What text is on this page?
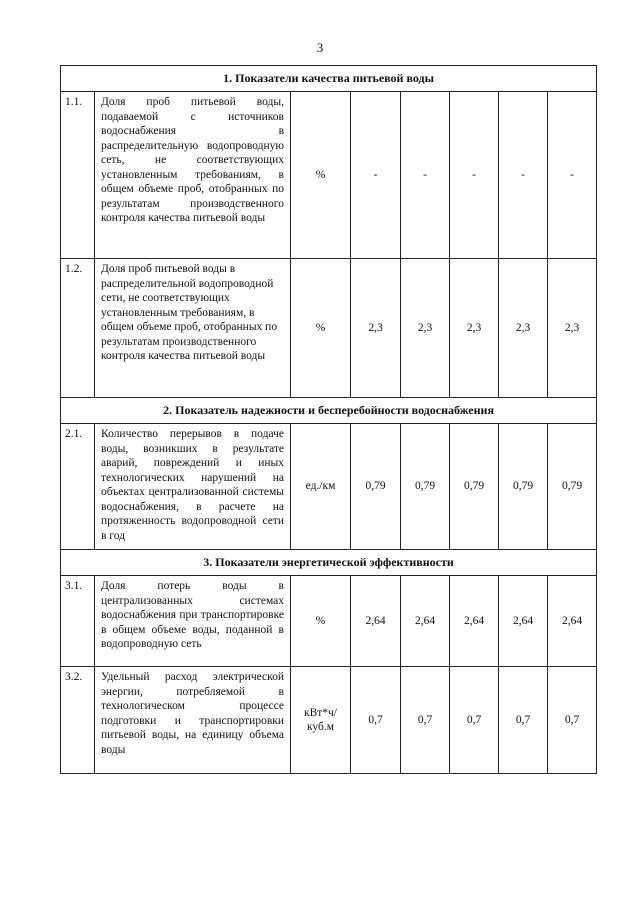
3
1. Показатели качества питьевой воды							
1.1.	Доля проб питьевой воды, подаваемой с источников водоснабжения в распределительную водопроводную сеть, не соответствующих установленным требованиям, в общем объеме проб, отобранных по результатам производственного контроля качества питьевой воды	%	-	-	-	-	-
1.2.	Доля проб питьевой воды в распределительной водопроводной сети, не соответствующих установленным требованиям, в общем объеме проб, отобранных по результатам производственного контроля качества питьевой воды	%	2,3	2,3	2,3	2,3	2,3
2. Показатель надежности и бесперебойности водоснабжения							
2.1.	Количество перерывов в подаче воды, возникших в результате аварий, повреждений и иных технологических нарушений на объектах централизованной системы водоснабжения, в расчете на протяженность водопроводной сети в год	ед./км	0,79	0,79	0,79	0,79	0,79
3. Показатели энергетической эффективности							
3.1.	Доля потерь воды в централизованных системах водоснабжения при транспортировке в общем объеме воды, поданной в водопроводную сеть	%	2,64	2,64	2,64	2,64	2,64
3.2.	Удельный расход электрической энергии, потребляемой в технологическом процессе подготовки и транспортировки питьевой воды, на единицу объема воды	кВт*ч/ куб.м	0,7	0,7	0,7	0,7	0,7
